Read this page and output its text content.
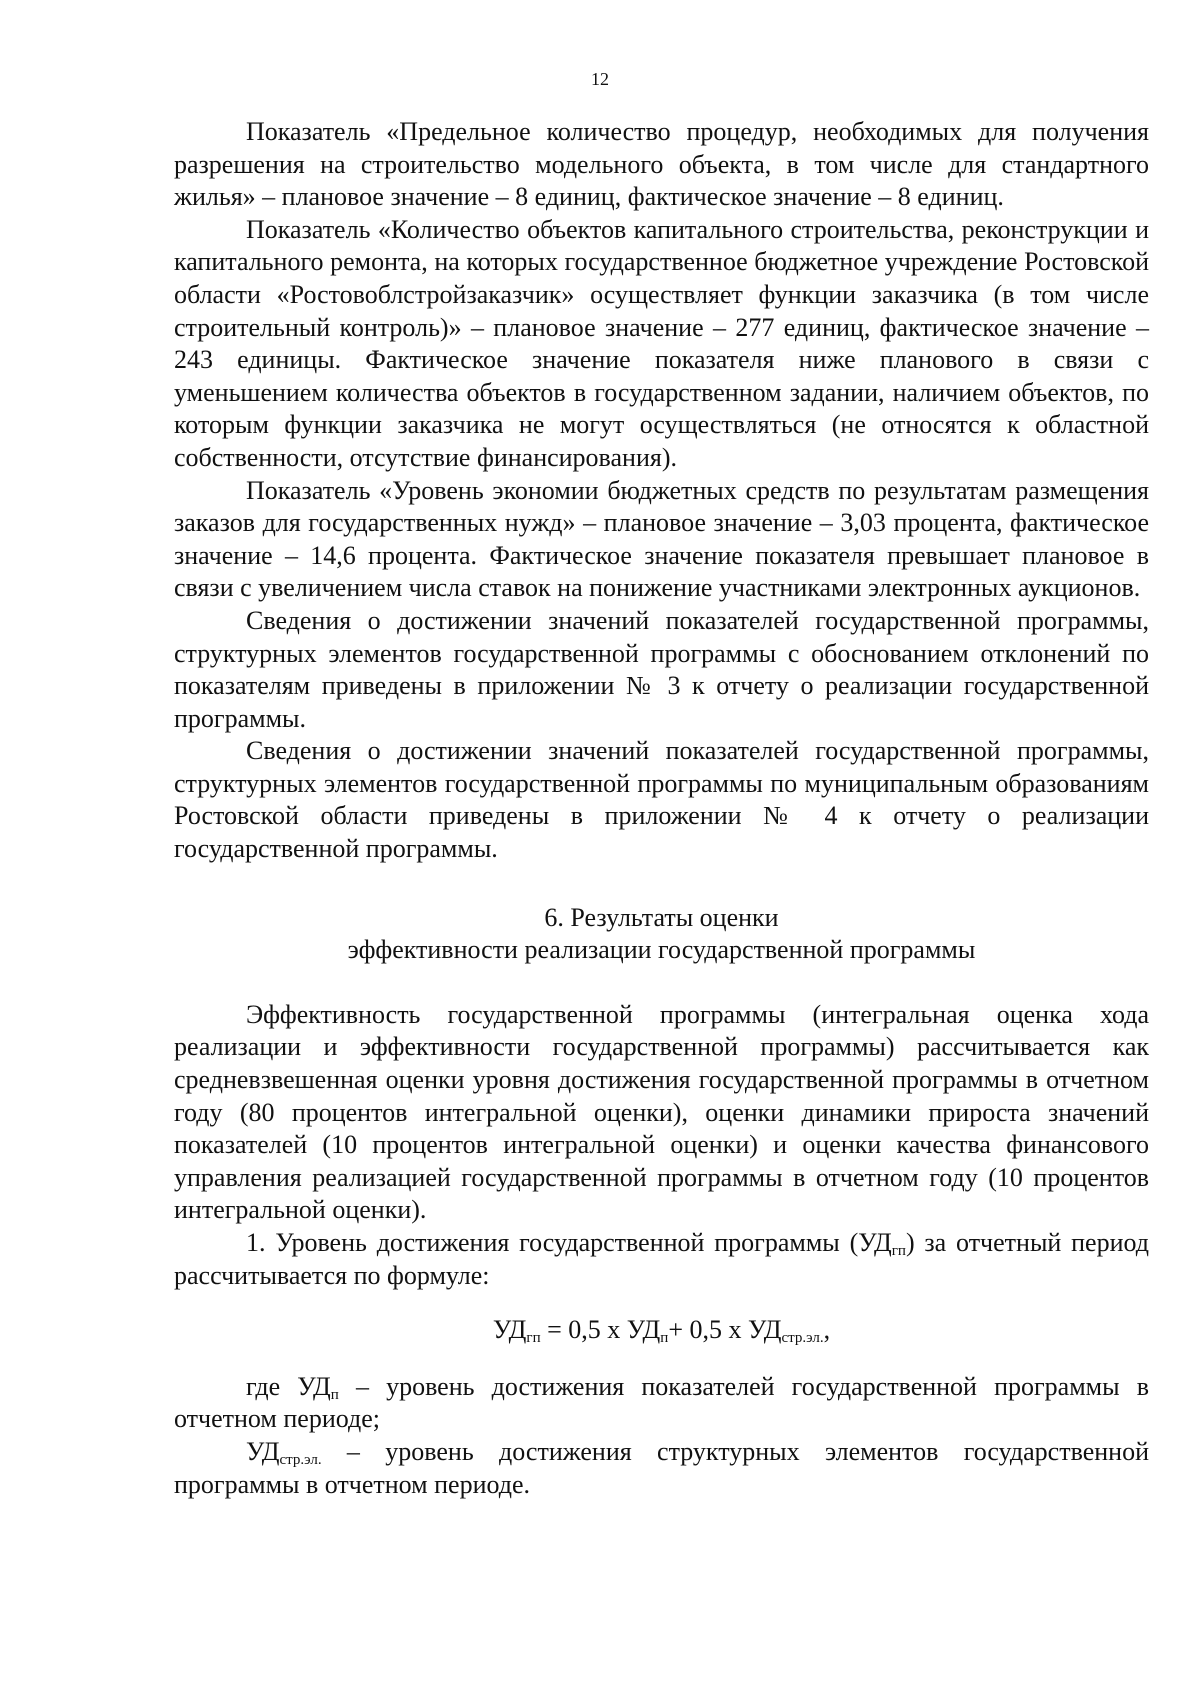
12

Показатель «Предельное количество процедур, необходимых для получения разрешения на строительство модельного объекта, в том числе для стандартного жилья» – плановое значение – 8 единиц, фактическое значение – 8 единиц.

Показатель «Количество объектов капитального строительства, реконструкции и капитального ремонта, на которых государственное бюджетное учреждение Ростовской области «Ростовоблстройзаказчик» осуществляет функции заказчика (в том числе строительный контроль)» – плановое значение – 277 единиц, фактическое значение – 243 единицы. Фактическое значение показателя ниже планового в связи с уменьшением количества объектов в государственном задании, наличием объектов, по которым функции заказчика не могут осуществляться (не относятся к областной собственности, отсутствие финансирования).

Показатель «Уровень экономии бюджетных средств по результатам размещения заказов для государственных нужд» – плановое значение – 3,03 процента, фактическое значение – 14,6 процента. Фактическое значение показателя превышает плановое в связи с увеличением числа ставок на понижение участниками электронных аукционов.

Сведения о достижении значений показателей государственной программы, структурных элементов государственной программы с обоснованием отклонений по показателям приведены в приложении № 3 к отчету о реализации государственной программы.

Сведения о достижении значений показателей государственной программы, структурных элементов государственной программы по муниципальным образованиям Ростовской области приведены в приложении № 4 к отчету о реализации государственной программы.

6. Результаты оценки
эффективности реализации государственной программы

Эффективность государственной программы (интегральная оценка хода реализации и эффективности государственной программы) рассчитывается как средневзвешенная оценки уровня достижения государственной программы в отчетном году (80 процентов интегральной оценки), оценки динамики прироста значений показателей (10 процентов интегральной оценки) и оценки качества финансового управления реализацией государственной программы в отчетном году (10 процентов интегральной оценки).

1. Уровень достижения государственной программы $(УД_{гп})$ за отчетный период рассчитывается по формуле:

$УД_{гп} = 0,5$ х $УД_п+ 0,5$ х $УД_{стр.эл.}$,

где $УД_п$ – уровень достижения показателей государственной программы в отчетном периоде;

$УД_{стр.эл.}$ – уровень достижения структурных элементов государственной программы в отчетном периоде.
